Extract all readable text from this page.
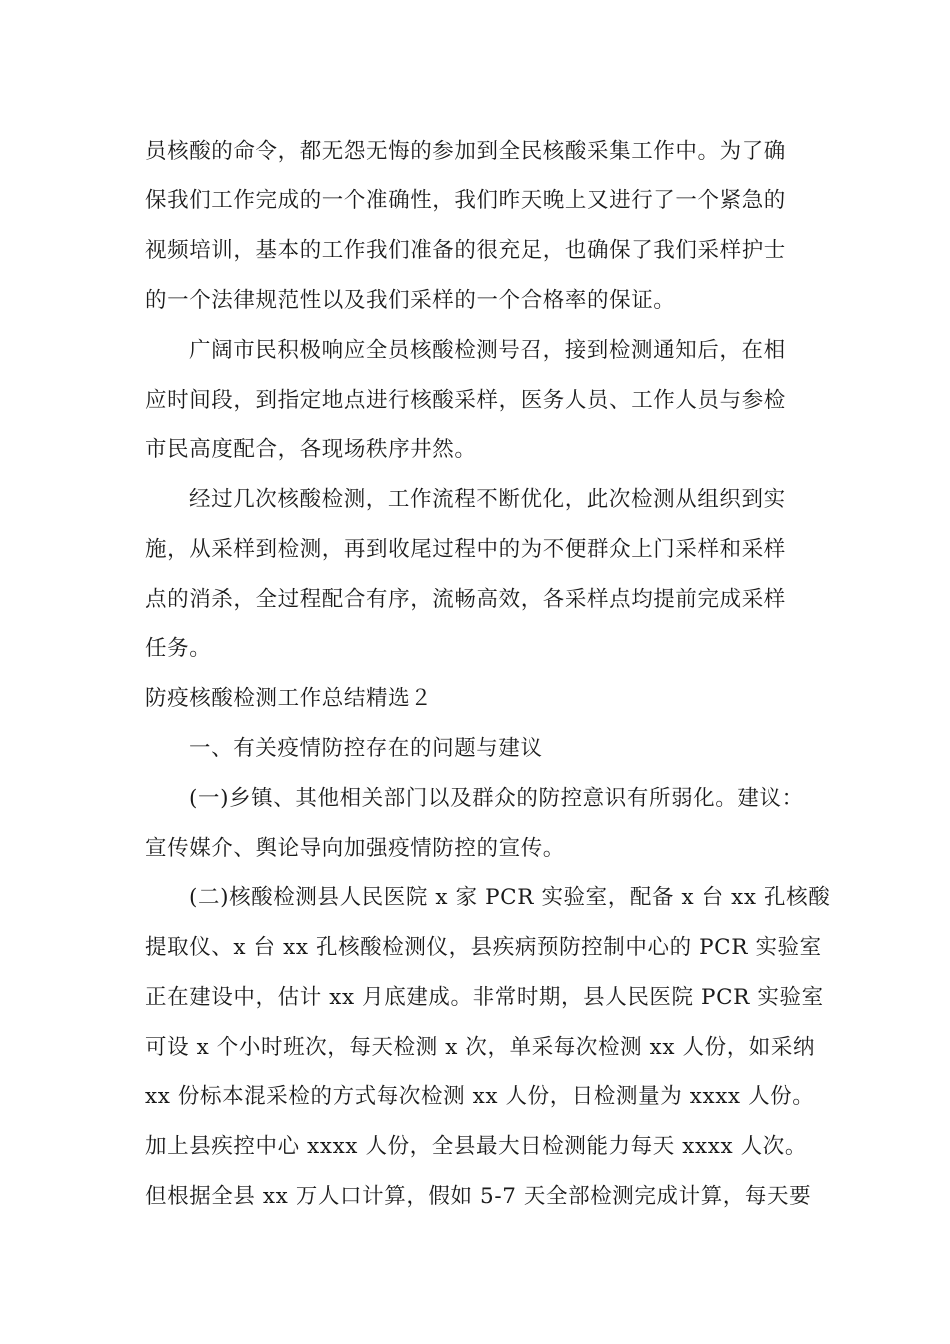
员核酸的命令，都无怨无悔的参加到全民核酸采集工作中。为了确
保我们工作完成的一个准确性，我们昨天晚上又进行了一个紧急的
视频培训，基本的工作我们准备的很充足，也确保了我们采样护士
的一个法律规范性以及我们采样的一个合格率的保证。
广阔市民积极响应全员核酸检测号召，接到检测通知后，在相
应时间段，到指定地点进行核酸采样，医务人员、工作人员与参检
市民高度配合，各现场秩序井然。
经过几次核酸检测，工作流程不断优化，此次检测从组织到实
施，从采样到检测，再到收尾过程中的为不便群众上门采样和采样
点的消杀，全过程配合有序，流畅高效，各采样点均提前完成采样
任务。
防疫核酸检测工作总结精选２
一、有关疫情防控存在的问题与建议
(一)乡镇、其他相关部门以及群众的防控意识有所弱化。建议：
宣传媒介、舆论导向加强疫情防控的宣传。
(二)核酸检测县人民医院 x 家 PCR 实验室，配备 x 台 xx 孔核酸
提取仪、x 台 xx 孔核酸检测仪，县疾病预防控制中心的 PCR 实验室
正在建设中，估计 xx 月底建成。非常时期，县人民医院 PCR 实验室
可设 x 个小时班次，每天检测 x 次，单采每次检测 xx 人份，如采纳
xx 份标本混采检的方式每次检测 xx 人份，日检测量为 xxxx 人份。
加上县疾控中心 xxxx 人份，全县最大日检测能力每天 xxxx 人次。
但根据全县 xx 万人口计算，假如 5-7 天全部检测完成计算，每天要
